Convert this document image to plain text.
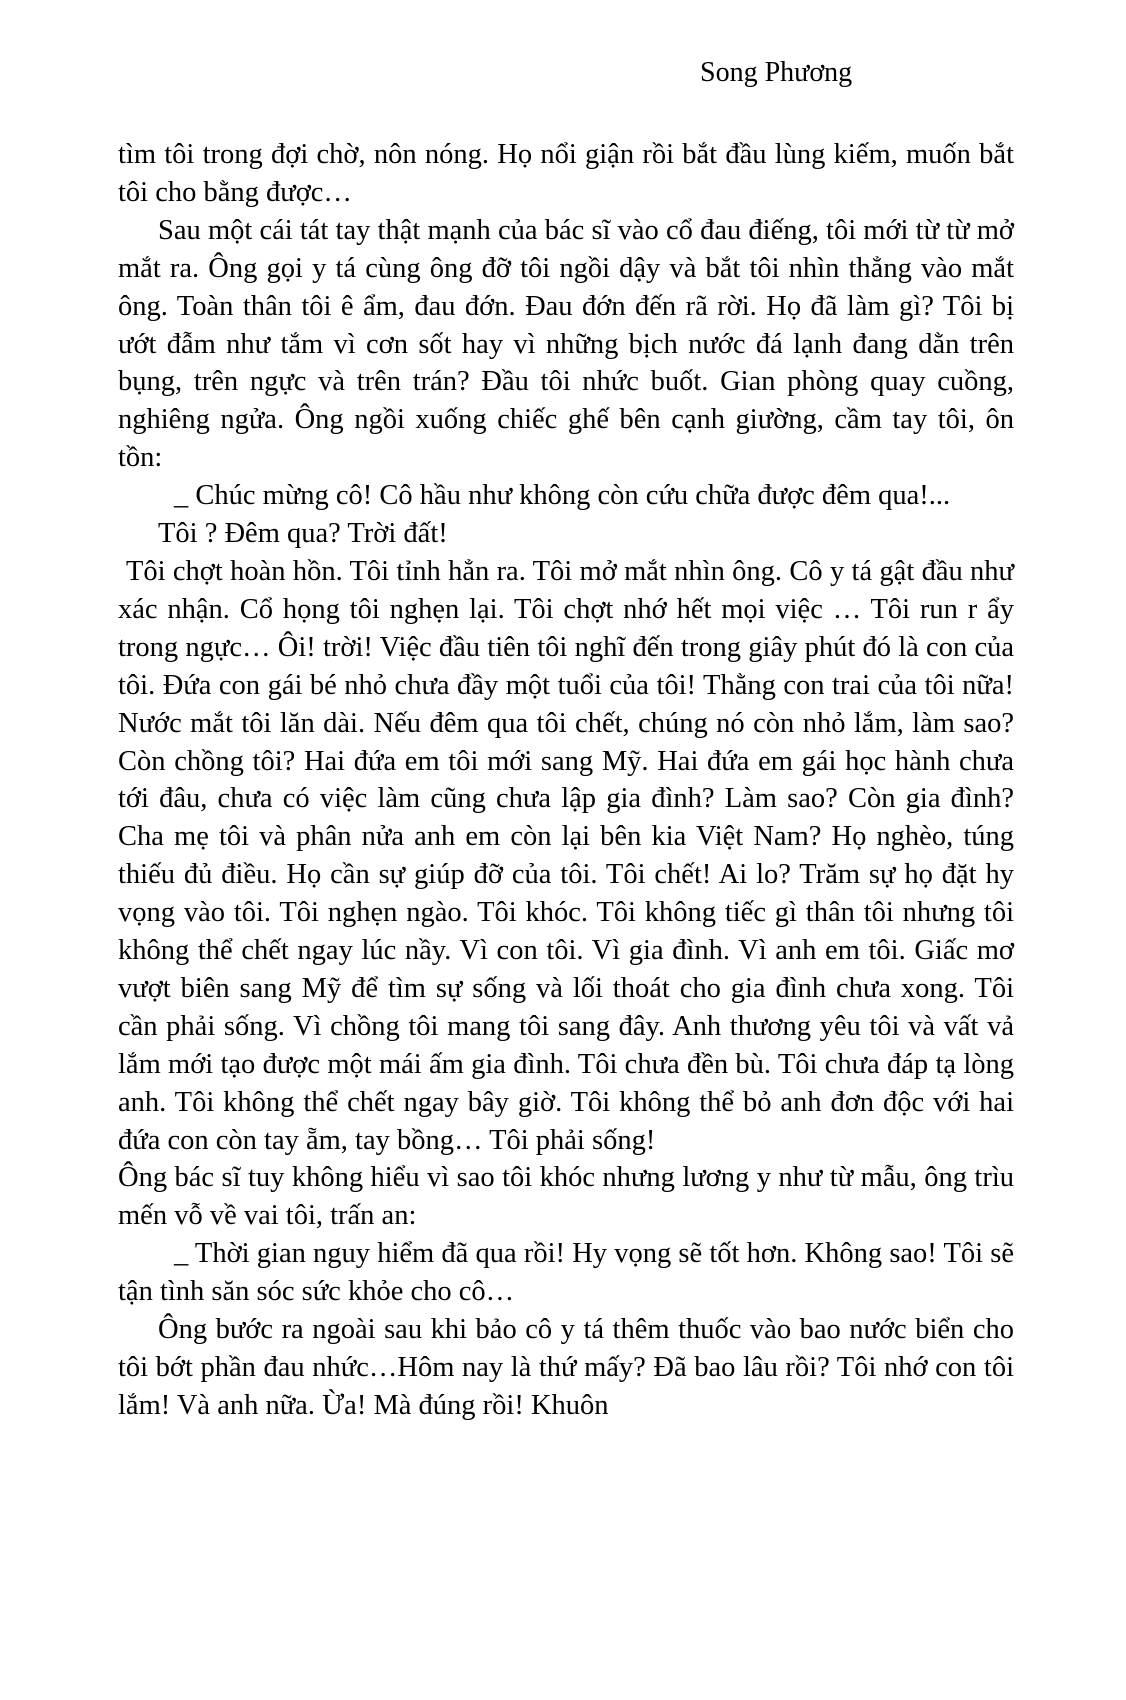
Song Phương

tìm tôi trong đợi chờ, nôn nóng. Họ nổi giận rồi bắt đầu lùng kiếm, muốn bắt tôi cho bằng được…

Sau một cái tát tay thật mạnh của bác sĩ vào cổ đau điếng, tôi mới từ từ mở mắt ra. Ông gọi y tá cùng ông đỡ tôi ngồi dậy và bắt tôi nhìn thẳng vào mắt ông. Toàn thân tôi ê ẩm, đau đớn. Đau đớn đến rã rời. Họ đã làm gì? Tôi bị ướt đẫm như tắm vì cơn sốt hay vì những bịch nước đá lạnh đang dằn trên bụng, trên ngực và trên trán? Đầu tôi nhức buốt. Gian phòng quay cuồng, nghiêng ngửa. Ông ngồi xuống chiếc ghế bên cạnh giường, cầm tay tôi, ôn tồn:

_ Chúc mừng cô! Cô hầu như không còn cứu chữa được đêm qua!...

Tôi ? Đêm qua? Trời đất!

Tôi chợt hoàn hồn. Tôi tỉnh hẳn ra. Tôi mở mắt nhìn ông. Cô y tá gật đầu như xác nhận. Cổ họng tôi nghẹn lại. Tôi chợt nhớ hết mọi việc … Tôi run r ẩy trong ngực… Ôi! trời! Việc đầu tiên tôi nghĩ đến trong giây phút đó là con của tôi. Đứa con gái bé nhỏ chưa đầy một tuổi của tôi! Thằng con trai của tôi nữa! Nước mắt tôi lăn dài. Nếu đêm qua tôi chết, chúng nó còn nhỏ lắm, làm sao? Còn chồng tôi? Hai đứa em tôi mới sang Mỹ. Hai đứa em gái học hành chưa tới đâu, chưa có việc làm cũng chưa lập gia đình? Làm sao? Còn gia đình? Cha mẹ tôi và phân nửa anh em còn lại bên kia Việt Nam? Họ nghèo, túng thiếu đủ điều. Họ cần sự giúp đỡ của tôi. Tôi chết! Ai lo? Trăm sự họ đặt hy vọng vào tôi. Tôi nghẹn ngào. Tôi khóc. Tôi không tiếc gì thân tôi nhưng tôi không thể chết ngay lúc nầy. Vì con tôi. Vì gia đình. Vì anh em tôi. Giấc mơ vượt biên sang Mỹ để tìm sự sống và lối thoát cho gia đình chưa xong. Tôi cần phải sống. Vì chồng tôi mang tôi sang đây. Anh thương yêu tôi và vất vả lắm mới tạo được một mái ấm gia đình. Tôi chưa đền bù. Tôi chưa đáp tạ lòng anh. Tôi không thể chết ngay bây giờ. Tôi không thể bỏ anh đơn độc với hai đứa con còn tay ẵm, tay bồng… Tôi phải sống!

Ông bác sĩ tuy không hiểu vì sao tôi khóc nhưng lương y như từ mẫu, ông trìu mến vỗ về vai tôi, trấn an:

_ Thời gian nguy hiểm đã qua rồi! Hy vọng sẽ tốt hơn. Không sao! Tôi sẽ tận tình săn sóc sức khỏe cho cô…

Ông bước ra ngoài sau khi bảo cô y tá thêm thuốc vào bao nước biển cho tôi bớt phần đau nhức…Hôm nay là thứ mấy? Đã bao lâu rồi? Tôi nhớ con tôi lắm! Và anh nữa. Ừa! Mà đúng rồi! Khuôn
